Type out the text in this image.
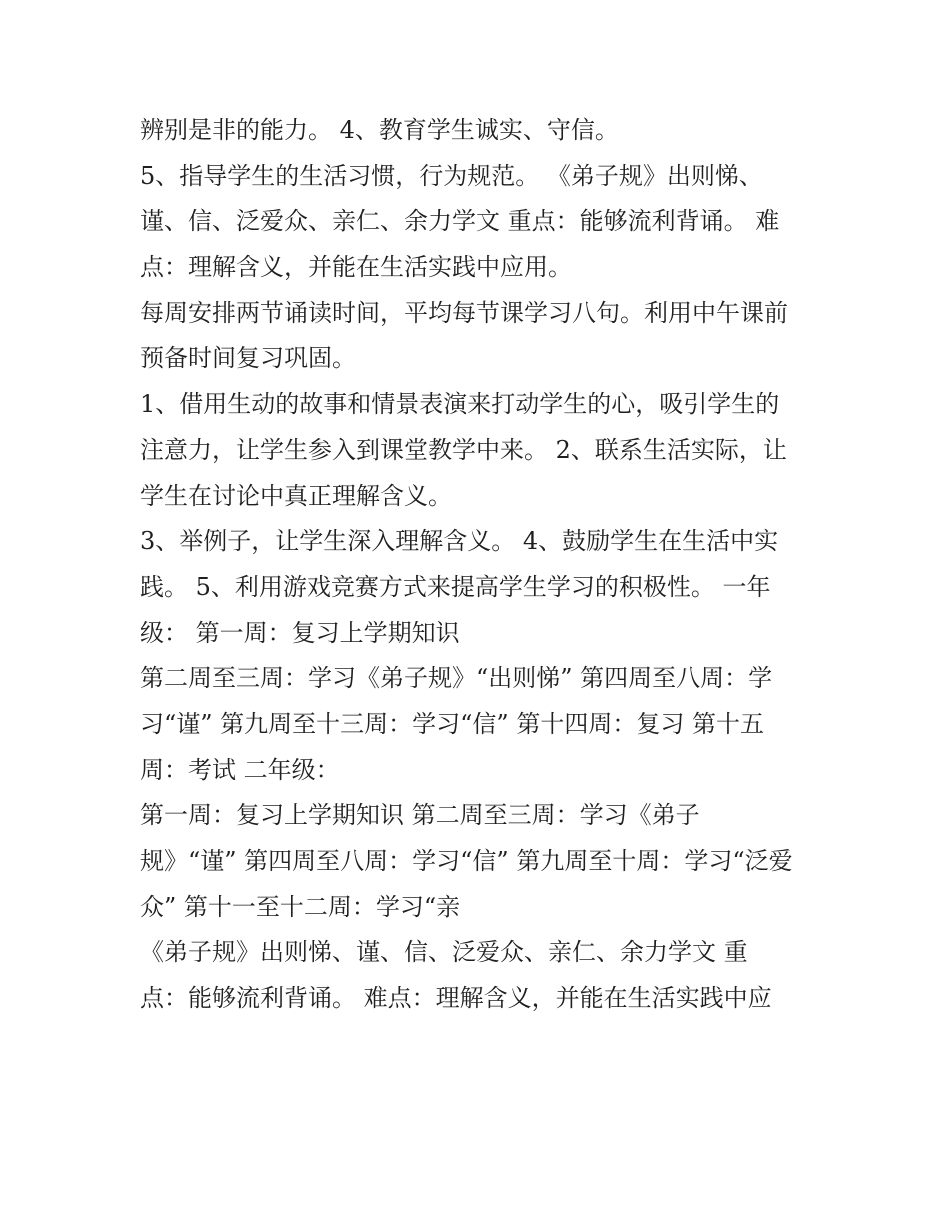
辨别是非的能力。 4、教育学生诚实、守信。
5、指导学生的生活习惯，行为规范。 《弟子规》出则悌、
谨、信、泛爱众、亲仁、余力学文 重点：能够流利背诵。 难
点：理解含义，并能在生活实践中应用。
每周安排两节诵读时间，平均每节课学习八句。利用中午课前
预备时间复习巩固。
1、借用生动的故事和情景表演来打动学生的心，吸引学生的
注意力，让学生参入到课堂教学中来。 2、联系生活实际，让
学生在讨论中真正理解含义。
3、举例子，让学生深入理解含义。 4、鼓励学生在生活中实
践。 5、利用游戏竞赛方式来提高学生学习的积极性。 一年
级： 第一周：复习上学期知识
第二周至三周：学习《弟子规》“出则悌” 第四周至八周：学
习“谨” 第九周至十三周：学习“信” 第十四周：复习 第十五
周：考试 二年级：
第一周：复习上学期知识 第二周至三周：学习《弟子
规》“谨” 第四周至八周：学习“信” 第九周至十周：学习“泛爱
众” 第十一至十二周：学习“亲
《弟子规》出则悌、谨、信、泛爱众、亲仁、余力学文 重
点：能够流利背诵。 难点：理解含义，并能在生活实践中应
